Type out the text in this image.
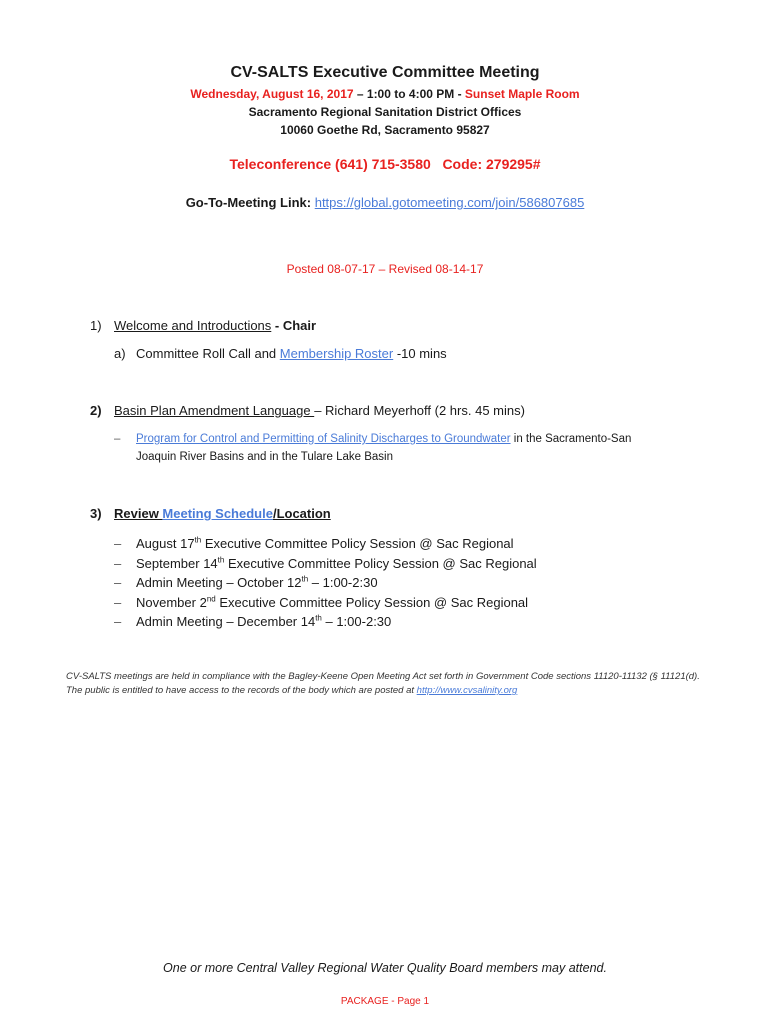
CV-SALTS Executive Committee Meeting
Wednesday, August 16, 2017 – 1:00 to 4:00 PM - Sunset Maple Room
Sacramento Regional Sanitation District Offices
10060 Goethe Rd, Sacramento 95827
Teleconference (641) 715-3580   Code: 279295#
Go-To-Meeting Link: https://global.gotomeeting.com/join/586807685
Posted 08-07-17 – Revised 08-14-17
1) Welcome and Introductions - Chair
a) Committee Roll Call and Membership Roster -10 mins
2) Basin Plan Amendment Language – Richard Meyerhoff (2 hrs. 45 mins)
– Program for Control and Permitting of Salinity Discharges to Groundwater in the Sacramento-San
Joaquin River Basins and in the Tulare Lake Basin
3) Review Meeting Schedule/Location
– August 17th Executive Committee Policy Session @ Sac Regional
– September 14th Executive Committee Policy Session @ Sac Regional
– Admin Meeting – October 12th – 1:00-2:30
– November 2nd Executive Committee Policy Session @ Sac Regional
– Admin Meeting – December 14th – 1:00-2:30
CV-SALTS meetings are held in compliance with the Bagley-Keene Open Meeting Act set forth in Government Code sections 11120-11132 (§ 11121(d). The public is entitled to have access to the records of the body which are posted at http://www.cvsalinity.org
One or more Central Valley Regional Water Quality Board members may attend.
PACKAGE - Page 1
